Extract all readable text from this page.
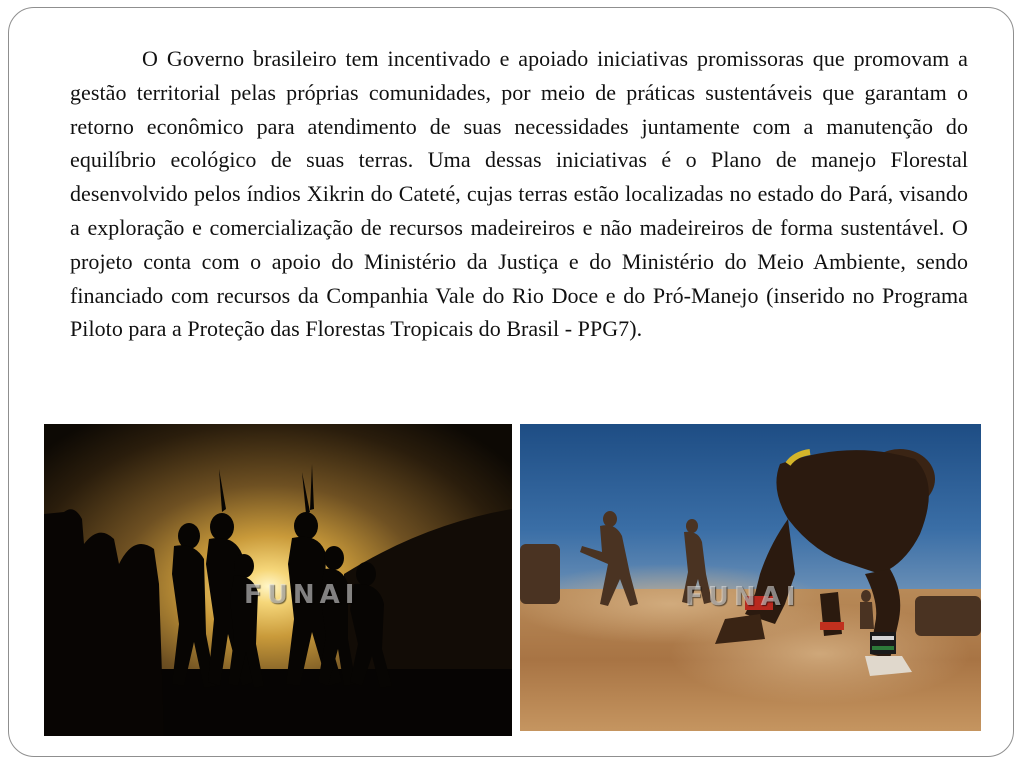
O Governo brasileiro tem incentivado e apoiado iniciativas promissoras que promovam a gestão territorial pelas próprias comunidades, por meio de práticas sustentáveis que garantam o retorno econômico para atendimento de suas necessidades juntamente com a manutenção do equilíbrio ecológico de suas terras. Uma dessas iniciativas é o Plano de manejo Florestal desenvolvido pelos índios Xikrin do Cateté, cujas terras estão localizadas no estado do Pará, visando a exploração e comercialização de recursos madeireiros e não madeireiros de forma sustentável. O projeto conta com o apoio do Ministério da Justiça e do Ministério do Meio Ambiente, sendo financiado com recursos da Companhia Vale do Rio Doce e do Pró-Manejo (inserido no Programa Piloto para a Proteção das Florestas Tropicais do Brasil - PPG7).

FUNAI	FUNAI
